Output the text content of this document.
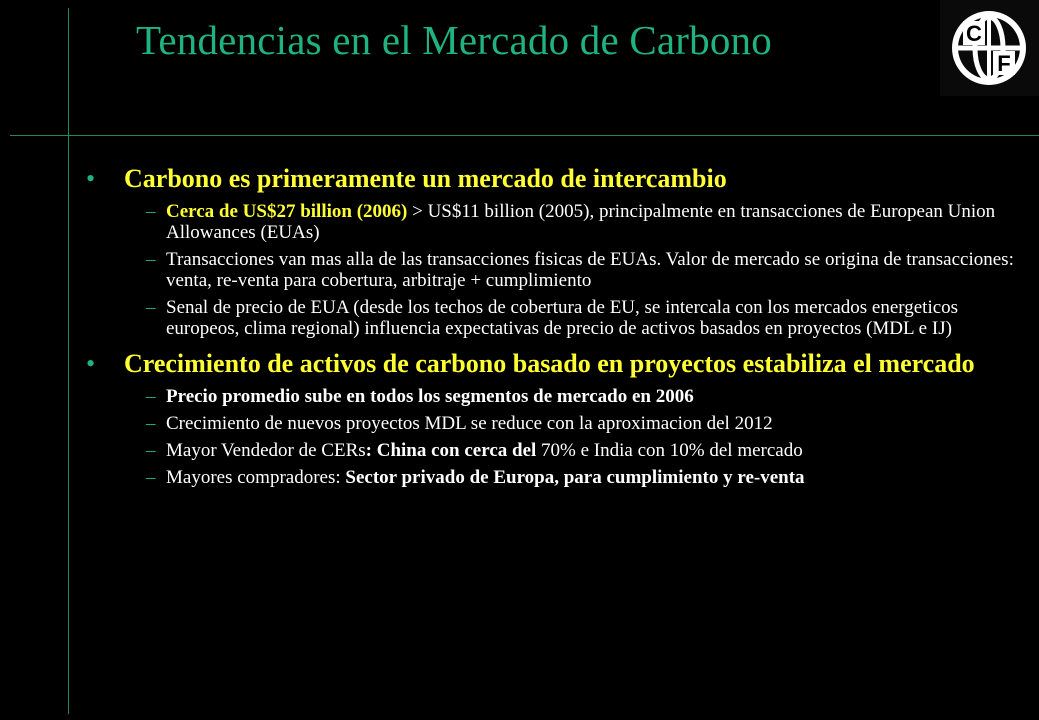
Tendencias en el Mercado de Carbono	C
F
•	Carbono es primeramente un mercado de intercambio
– Cerca de US$27 billion (2006) > US$11 billion (2005), principalmente en transacciones de European Union Allowances (EUAs)
– Transacciones van mas alla de las transacciones fisicas de EUAs. Valor de mercado se origina de transacciones: venta, re-venta para cobertura, arbitraje + cumplimiento
– Senal de precio de EUA (desde los techos de cobertura de EU, se intercala con los mercados energeticos europeos, clima regional) influencia expectativas de precio de activos basados en proyectos (MDL e IJ)
•	Crecimiento de activos de carbono basado en proyectos estabiliza el mercado
– Precio promedio sube en todos los segmentos de mercado en 2006
– Crecimiento de nuevos proyectos MDL se reduce con la aproximacion del 2012
– Mayor Vendedor de CERs: China con cerca del 70% e India con 10% del mercado
– Mayores compradores: Sector privado de Europa, para cumplimiento y re-venta
